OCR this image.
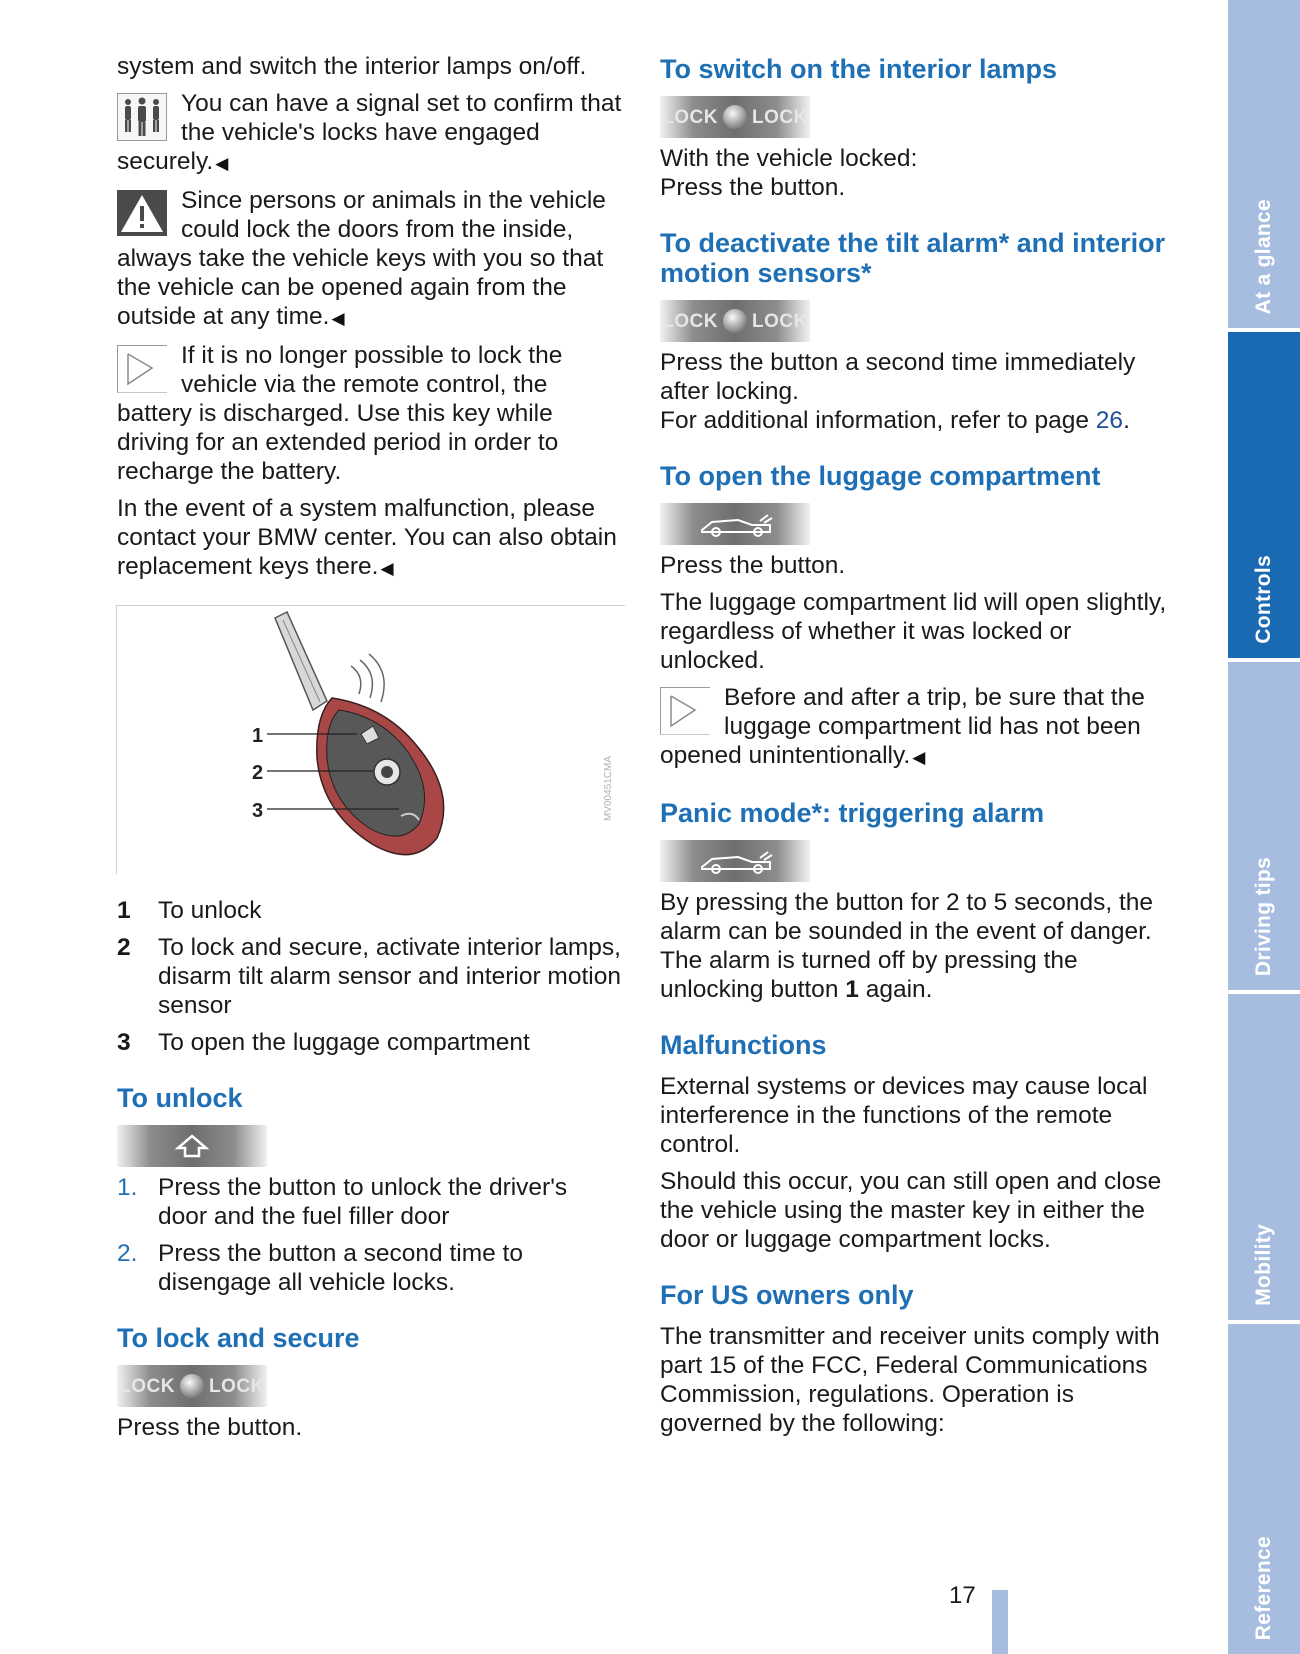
system and switch the interior lamps on/off.

You can have a signal set to confirm that the vehicle's locks have engaged securely. ◀
Since persons or animals in the vehicle could lock the doors from the inside, always take the vehicle keys with you so that the vehicle can be opened again from the outside at any time. ◀
If it is no longer possible to lock the vehicle via the remote control, the battery is discharged. Use this key while driving for an extended period in order to recharge the battery.

In the event of a system malfunction, please contact your BMW center. You can also obtain replacement keys there. ◀

1
2
3	MV00451CMA
1	To unlock
2	To lock and secure, activate interior lamps, disarm tilt alarm sensor and interior motion sensor
3	To open the luggage compartment
To unlock
1. Press the button to unlock the driver's door and the fuel filler door
2. Press the button a second time to disengage all vehicle locks.
To lock and secure
LOCK LOCK

Press the button.

To switch on the interior lamps
LOCK LOCK

With the vehicle locked:
Press the button.

To deactivate the tilt alarm* and interior motion sensors*
LOCK LOCK

Press the button a second time immediately after locking.
For additional information, refer to page 26.

To open the luggage compartment

Press the button.

The luggage compartment lid will open slightly, regardless of whether it was locked or unlocked.

Before and after a trip, be sure that the luggage compartment lid has not been opened unintentionally. ◀
Panic mode*: triggering alarm

By pressing the button for 2 to 5 seconds, the alarm can be sounded in the event of danger. The alarm is turned off by pressing the unlocking button 1 again.

Malfunctions

External systems or devices may cause local interference in the functions of the remote control.

Should this occur, you can still open and close the vehicle using the master key in either the door or luggage compartment locks.

For US owners only

The transmitter and receiver units comply with part 15 of the FCC, Federal Communications Commission, regulations. Operation is governed by the following:

17
At a glance
Controls
Driving tips
Mobility
Reference
